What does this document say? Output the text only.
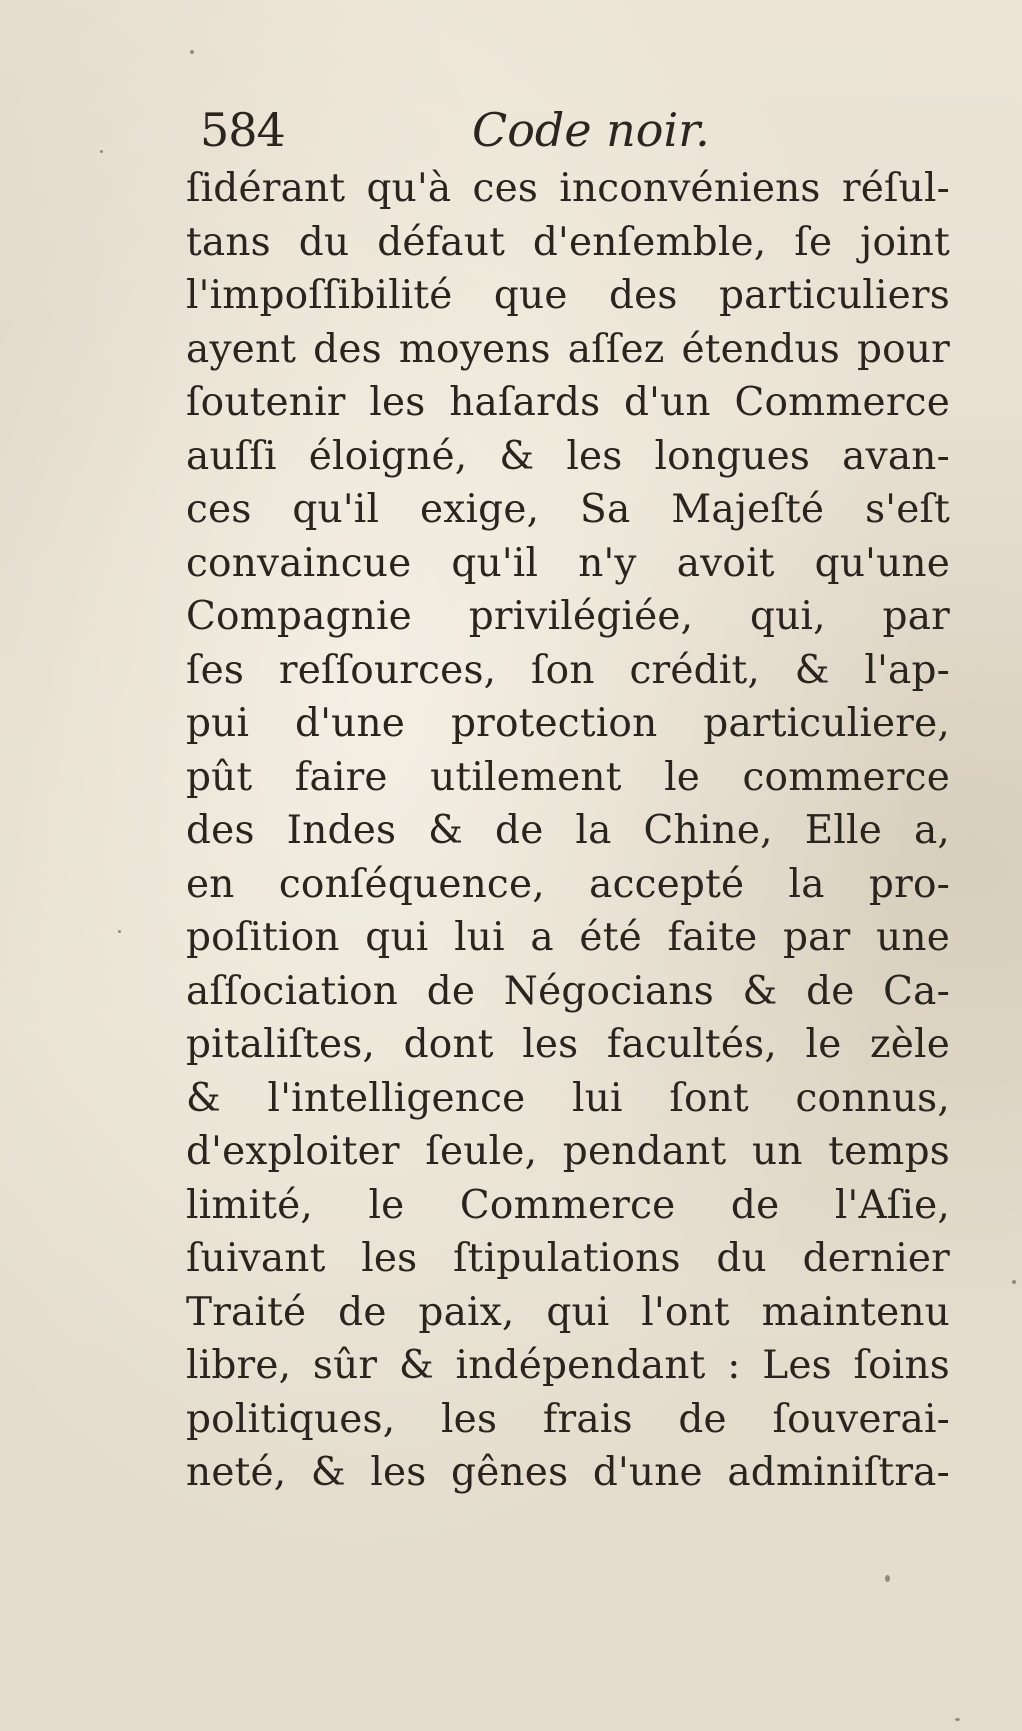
584	Code noir.
ſidérant qu'à ces inconvéniens réſul-
tans du défaut d'enſemble, ſe joint
l'impoſſibilité que des particuliers
ayent des moyens aſſez étendus pour
ſoutenir les haſards d'un Commerce
auſſi éloigné, & les longues avan-
ces qu'il exige, Sa Majeſté s'eſt
convaincue qu'il n'y avoit qu'une
Compagnie privilégiée, qui, par
ſes reſſources, ſon crédit, & l'ap-
pui d'une protection particuliere,
pût faire utilement le commerce
des Indes & de la Chine, Elle a,
en conſéquence, accepté la pro-
poſition qui lui a été faite par une
aſſociation de Négocians & de Ca-
pitaliſtes, dont les facultés, le zèle
& l'intelligence lui ſont connus,
d'exploiter ſeule, pendant un temps
limité, le Commerce de l'Aſie,
ſuivant les ſtipulations du dernier
Traité de paix, qui l'ont maintenu
libre, sûr & indépendant : Les ſoins
politiques, les frais de ſouverai-
neté, & les gênes d'une adminiſtra-
